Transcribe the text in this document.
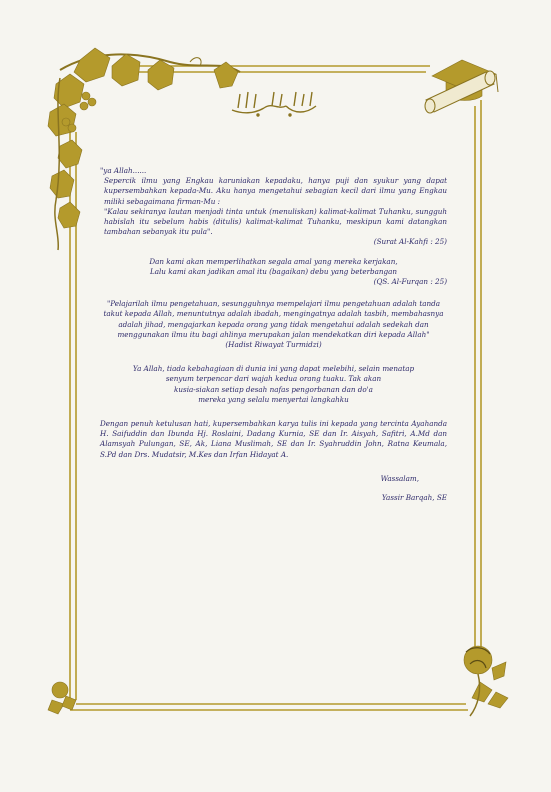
"ya Allah......

Sepercik ilmu yang Engkau karuniakan kepadaku, hanya puji dan syukur yang dapat kupersembahkan kepada-Mu. Aku hanya mengetahui sebagian kecil dari ilmu yang Engkau miliki sebagaimana firman-Mu :

"Kalau sekiranya lautan menjadi tinta untuk (menuliskan) kalimat-kalimat Tuhanku, sungguh habislah itu sebelum habis (ditulis) kalimat-kalimat Tuhanku, meskipun kami datangkan tambahan sebanyak itu pula".

(Surat Al-Kahfi : 25)

Dan kami akan memperlihatkan segala amal yang mereka kerjakan,

Lalu kami akan jadikan amal itu (bagaikan) debu yang beterbangan

(QS. Al-Furqan : 25)

"Pelajarilah ilmu pengetahuan, sesungguhnya mempelajari ilmu pengetahuan adalah tanda takut kepada Allah, menuntutnya adalah ibadah, mengingatnya adalah tasbih, membahasnya adalah jihad, mengajarkan kepada orang yang tidak mengetahui adalah sedekah dan menggunakan ilmu itu bagi ahlinya merupakan jalan mendekatkan diri kepada Allah"

(Hadist Riwayat Turmidzi)

Ya Allah, tiada kebahagiaan di dunia ini yang dapat melebihi, selain menatap

senyum terpencar dari wajah kedua orang tuaku. Tak akan

kusia-siakan setiap desah nafas pengorbanan dan do'a

mereka yang selalu menyertai langkahku

Dengan penuh ketulusan hati, kupersembahkan karya tulis ini kepada yang tercinta Ayahanda H. Saifuddin dan Ibunda Hj. Roslaini, Dadang Kurnia, SE dan Ir. Aisyah, Safitri, A.Md dan Alamsyah Pulungan, SE, Ak, Liana Muslimah, SE dan Ir. Syahruddin John, Ratna Keumala, S.Pd dan Drs. Mudatsir, M.Kes dan Irfan Hidayat A.

Wassalam,

Yassir Barqah, SE
